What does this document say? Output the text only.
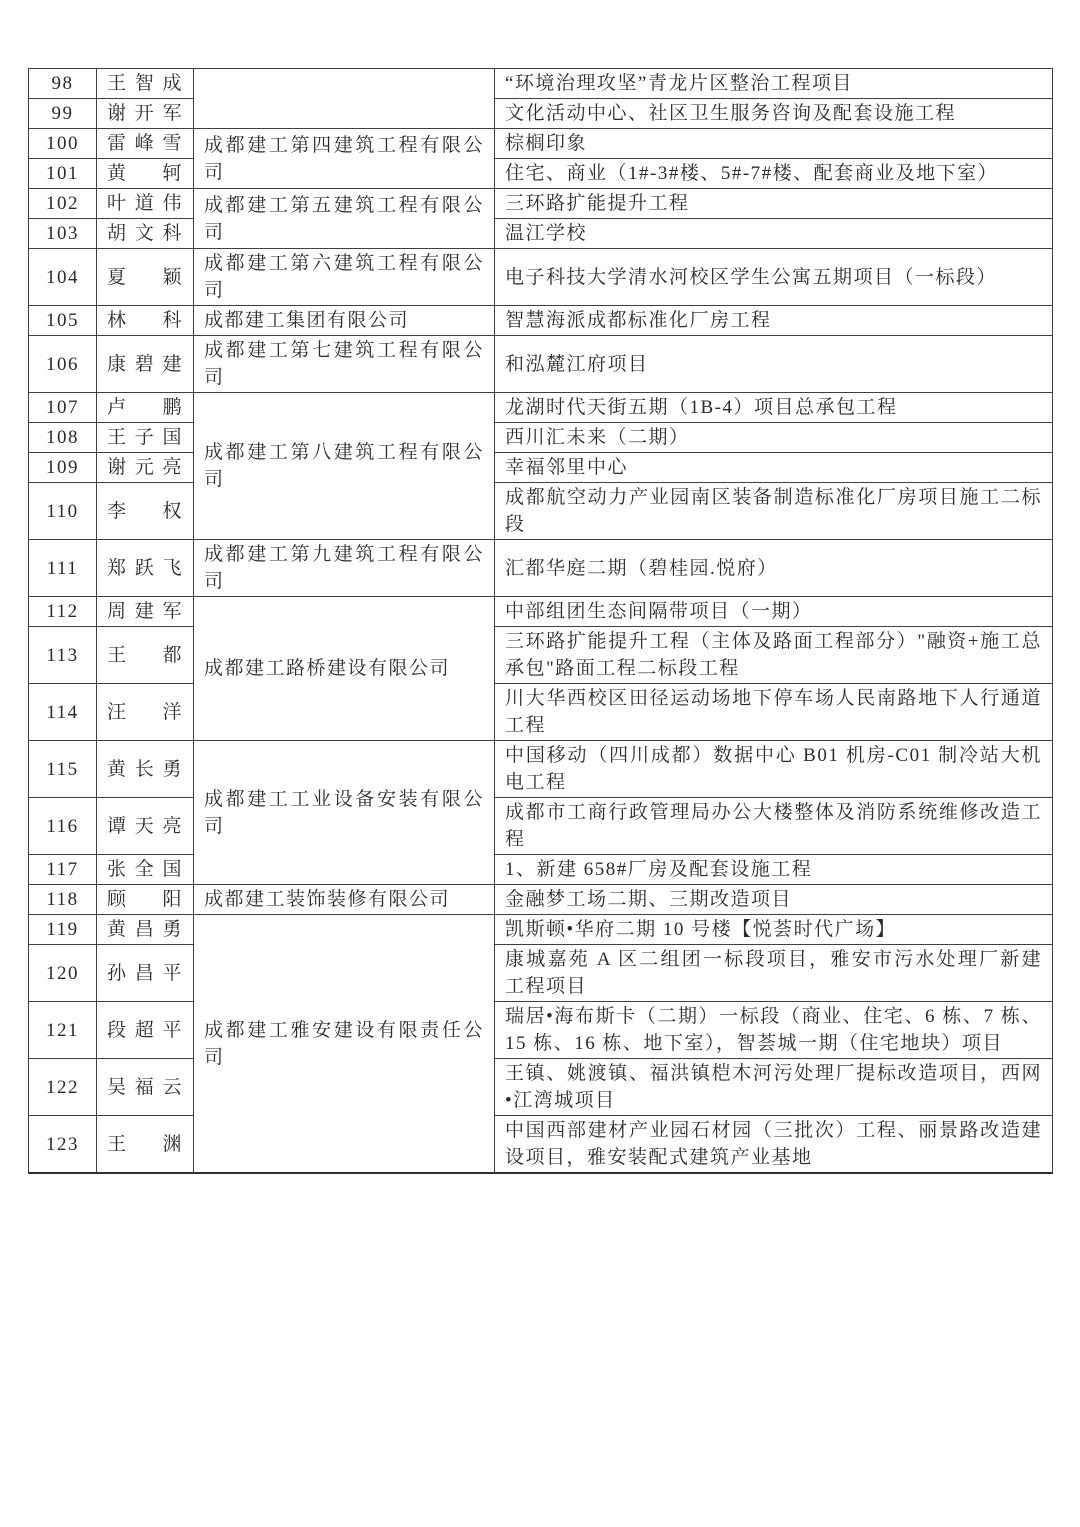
98	王智成		“环境治理攻坚”青龙片区整治工程项目
99	谢开军		文化活动中心、社区卫生服务咨询及配套设施工程
100	雷峰雪	成都建工第四建筑工程有限公司	棕榈印象
101	黄　轲		住宅、商业（1#-3#楼、5#-7#楼、配套商业及地下室）
102	叶道伟	成都建工第五建筑工程有限公司	三环路扩能提升工程
103	胡文科		温江学校
104	夏　颖	成都建工第六建筑工程有限公司	电子科技大学清水河校区学生公寓五期项目（一标段）
105	林　科	成都建工集团有限公司	智慧海派成都标准化厂房工程
106	康碧建	成都建工第七建筑工程有限公司	和泓麓江府项目
107	卢　鹏	成都建工第八建筑工程有限公司	龙湖时代天街五期（1B-4）项目总承包工程
108	王子国		西川汇未来（二期）
109	谢元亮		幸福邻里中心
110	李　权		成都航空动力产业园南区装备制造标准化厂房项目施工二标段
111	郑跃飞	成都建工第九建筑工程有限公司	汇都华庭二期（碧桂园.悦府）
112	周建军	成都建工路桥建设有限公司	中部组团生态间隔带项目（一期）
113	王　都		三环路扩能提升工程（主体及路面工程部分）"融资+施工总承包"路面工程二标段工程
114	汪　洋		川大华西校区田径运动场地下停车场人民南路地下人行通道工程
115	黄长勇	成都建工工业设备安装有限公司	中国移动（四川成都）数据中心 B01 机房-C01 制冷站大机电工程
116	谭天亮		成都市工商行政管理局办公大楼整体及消防系统维修改造工程
117	张全国		1、新建 658#厂房及配套设施工程
118	顾　阳	成都建工装饰装修有限公司	金融梦工场二期、三期改造项目
119	黄昌勇	成都建工雅安建设有限责任公司	凯斯顿•华府二期 10 号楼【悦荟时代广场】
120	孙昌平		康城嘉苑 A 区二组团一标段项目，雅安市污水处理厂新建工程项目
121	段超平		瑞居•海布斯卡（二期）一标段（商业、住宅、6 栋、7 栋、15 栋、16 栋、地下室），智荟城一期（住宅地块）项目
122	吴福云		王镇、姚渡镇、福洪镇桤木河污处理厂提标改造项目，西网•江湾城项目
123	王　渊		中国西部建材产业园石材园（三批次）工程、丽景路改造建设项目，雅安装配式建筑产业基地
